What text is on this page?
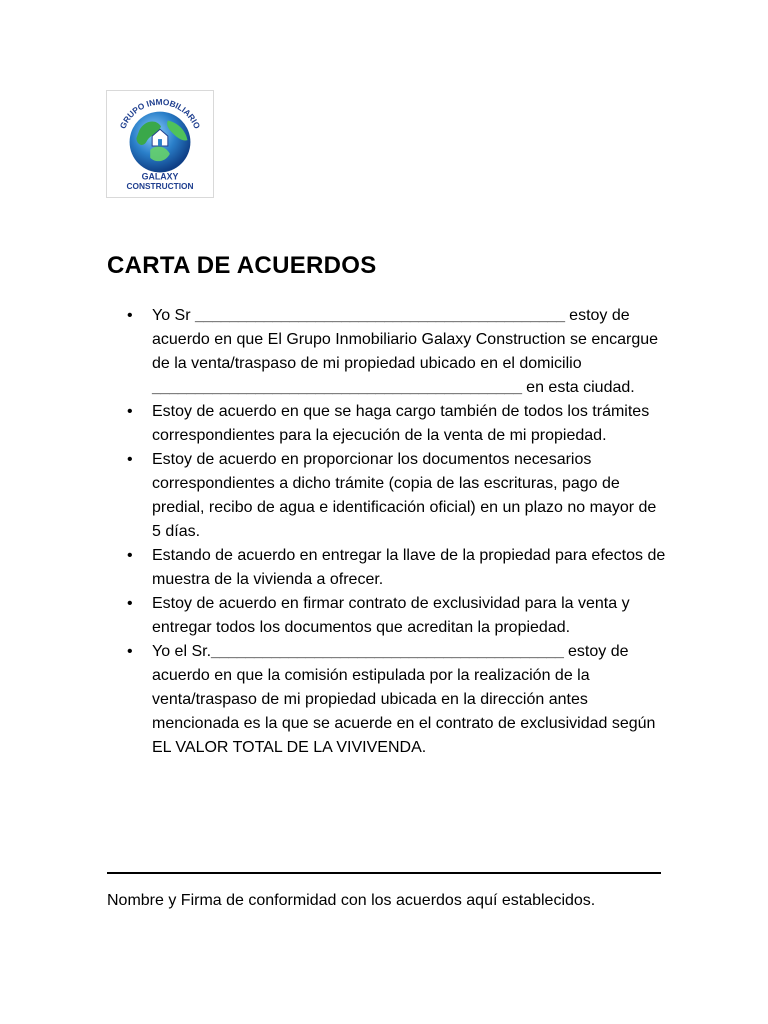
GRUPO INMOBILIARIO
GALAXY
CONSTRUCTION
CARTA DE ACUERDOS
• Yo Sr ___________________________________________ estoy de acuerdo en que El Grupo Inmobiliario Galaxy Construction se encargue de la venta/traspaso de mi propiedad ubicado en el domicilio ___________________________________________ en esta ciudad.
• Estoy de acuerdo en que se haga cargo también de todos los trámites correspondientes para la ejecución de la venta de mi propiedad.
• Estoy de acuerdo en proporcionar los documentos necesarios correspondientes a dicho trámite (copia de las escrituras, pago de predial, recibo de agua e identificación oficial) en un plazo no mayor de 5 días.
• Estando de acuerdo en entregar la llave de la propiedad para efectos de muestra de la vivienda a ofrecer.
• Estoy de acuerdo en firmar contrato de exclusividad para la venta y entregar todos los documentos que acreditan la propiedad.
• Yo el Sr._________________________________________ estoy de acuerdo en que la comisión estipulada por la realización de la venta/traspaso de mi propiedad ubicada en la dirección antes mencionada es la que se acuerde en el contrato de exclusividad según EL VALOR TOTAL DE LA VIVIVENDA.
Nombre y Firma de conformidad con los acuerdos aquí establecidos.
